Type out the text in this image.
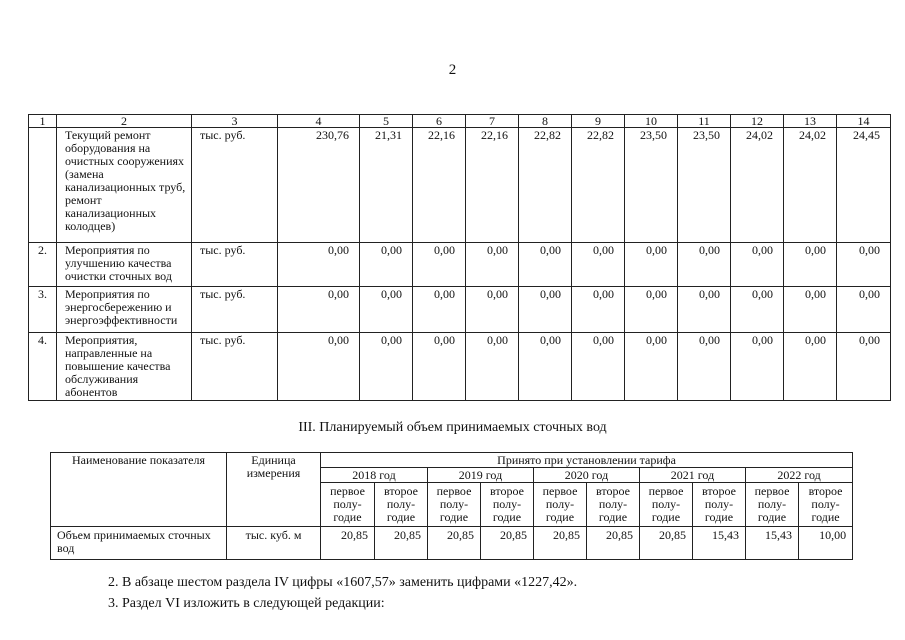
2
1	2	3	4	5	6	7	8	9	10	11	12	13	14
	Текущий ремонт оборудования на очистных сооружениях (замена канализационных труб, ремонт канализационных колодцев)	тыс. руб.	230,76	21,31	22,16	22,16	22,82	22,82	23,50	23,50	24,02	24,02	24,45
2.	Мероприятия по улучшению качества очистки сточных вод	тыс. руб.	0,00	0,00	0,00	0,00	0,00	0,00	0,00	0,00	0,00	0,00	0,00
3.	Мероприятия по энергосбережению и энергоэффективности	тыс. руб.	0,00	0,00	0,00	0,00	0,00	0,00	0,00	0,00	0,00	0,00	0,00
4.	Мероприятия, направленные на повышение качества обслуживания абонентов	тыс. руб.	0,00	0,00	0,00	0,00	0,00	0,00	0,00	0,00	0,00	0,00	0,00
III. Планируемый объем принимаемых сточных вод
Наименование показателя	Единица измерения	Принято при установлении тарифа									
		2018 год		2019 год		2020 год		2021 год		2022 год	
		первое полу-годие	второе полу-годие	первое полу-годие	второе полу-годие	первое полу-годие	второе полу-годие	первое полу-годие	второе полу-годие	первое полу-годие	второе полу-годие
Объем принимаемых сточных вод	тыс. куб. м	20,85	20,85	20,85	20,85	20,85	20,85	20,85	15,43	15,43	10,00
2. В абзаце шестом раздела IV цифры «1607,57» заменить цифрами «1227,42».
3. Раздел VI изложить в следующей редакции:
